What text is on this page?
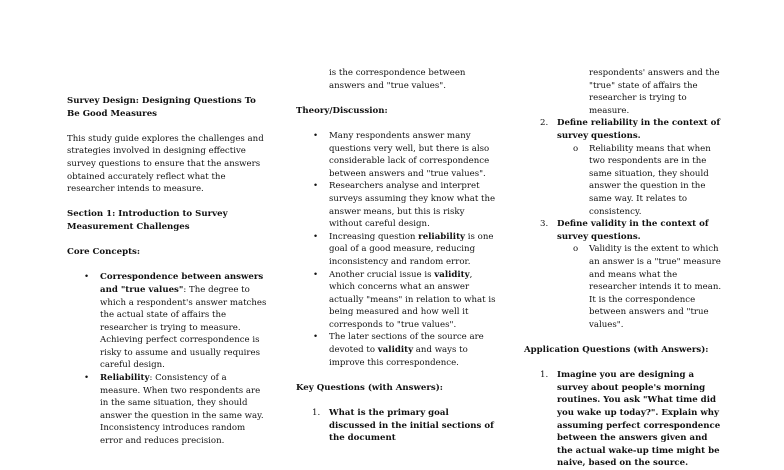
Survey Design: Designing Questions To Be Good Measures

This study guide explores the challenges and strategies involved in designing effective survey questions to ensure that the answers obtained accurately reflect what the researcher intends to measure.

Section 1: Introduction to Survey Measurement Challenges

Core Concepts:

• Correspondence between answers and "true values": The degree to which a respondent's answer matches the actual state of affairs the researcher is trying to measure. Achieving perfect correspondence is risky to assume and usually requires careful design.
• Reliability: Consistency of a measure. When two respondents are in the same situation, they should answer the question in the same way. Inconsistency introduces random error and reduces precision.

is the correspondence between answers and "true values".

Theory/Discussion:

• Many respondents answer many questions very well, but there is also considerable lack of correspondence between answers and "true values".
• Researchers analyse and interpret surveys assuming they know what the answer means, but this is risky without careful design.
• Increasing question reliability is one goal of a good measure, reducing inconsistency and random error.
• Another crucial issue is validity, which concerns what an answer actually "means" in relation to what is being measured and how well it corresponds to "true values".
• The later sections of the source are devoted to validity and ways to improve this correspondence.

Key Questions (with Answers):

1. What is the primary goal discussed in the initial sections of the document

respondents' answers and the "true" state of affairs the researcher is trying to measure.

2. Define reliability in the context of survey questions.
o Reliability means that when two respondents are in the same situation, they should answer the question in the same way. It relates to consistency.
3. Define validity in the context of survey questions.
o Validity is the extent to which an answer is a "true" measure and means what the researcher intends it to mean. It is the correspondence between answers and "true values".

Application Questions (with Answers):

1. Imagine you are designing a survey about people's morning routines. You ask "What time did you wake up today?". Explain why assuming perfect correspondence between the answers given and the actual wake-up time might be naive, based on the source.
